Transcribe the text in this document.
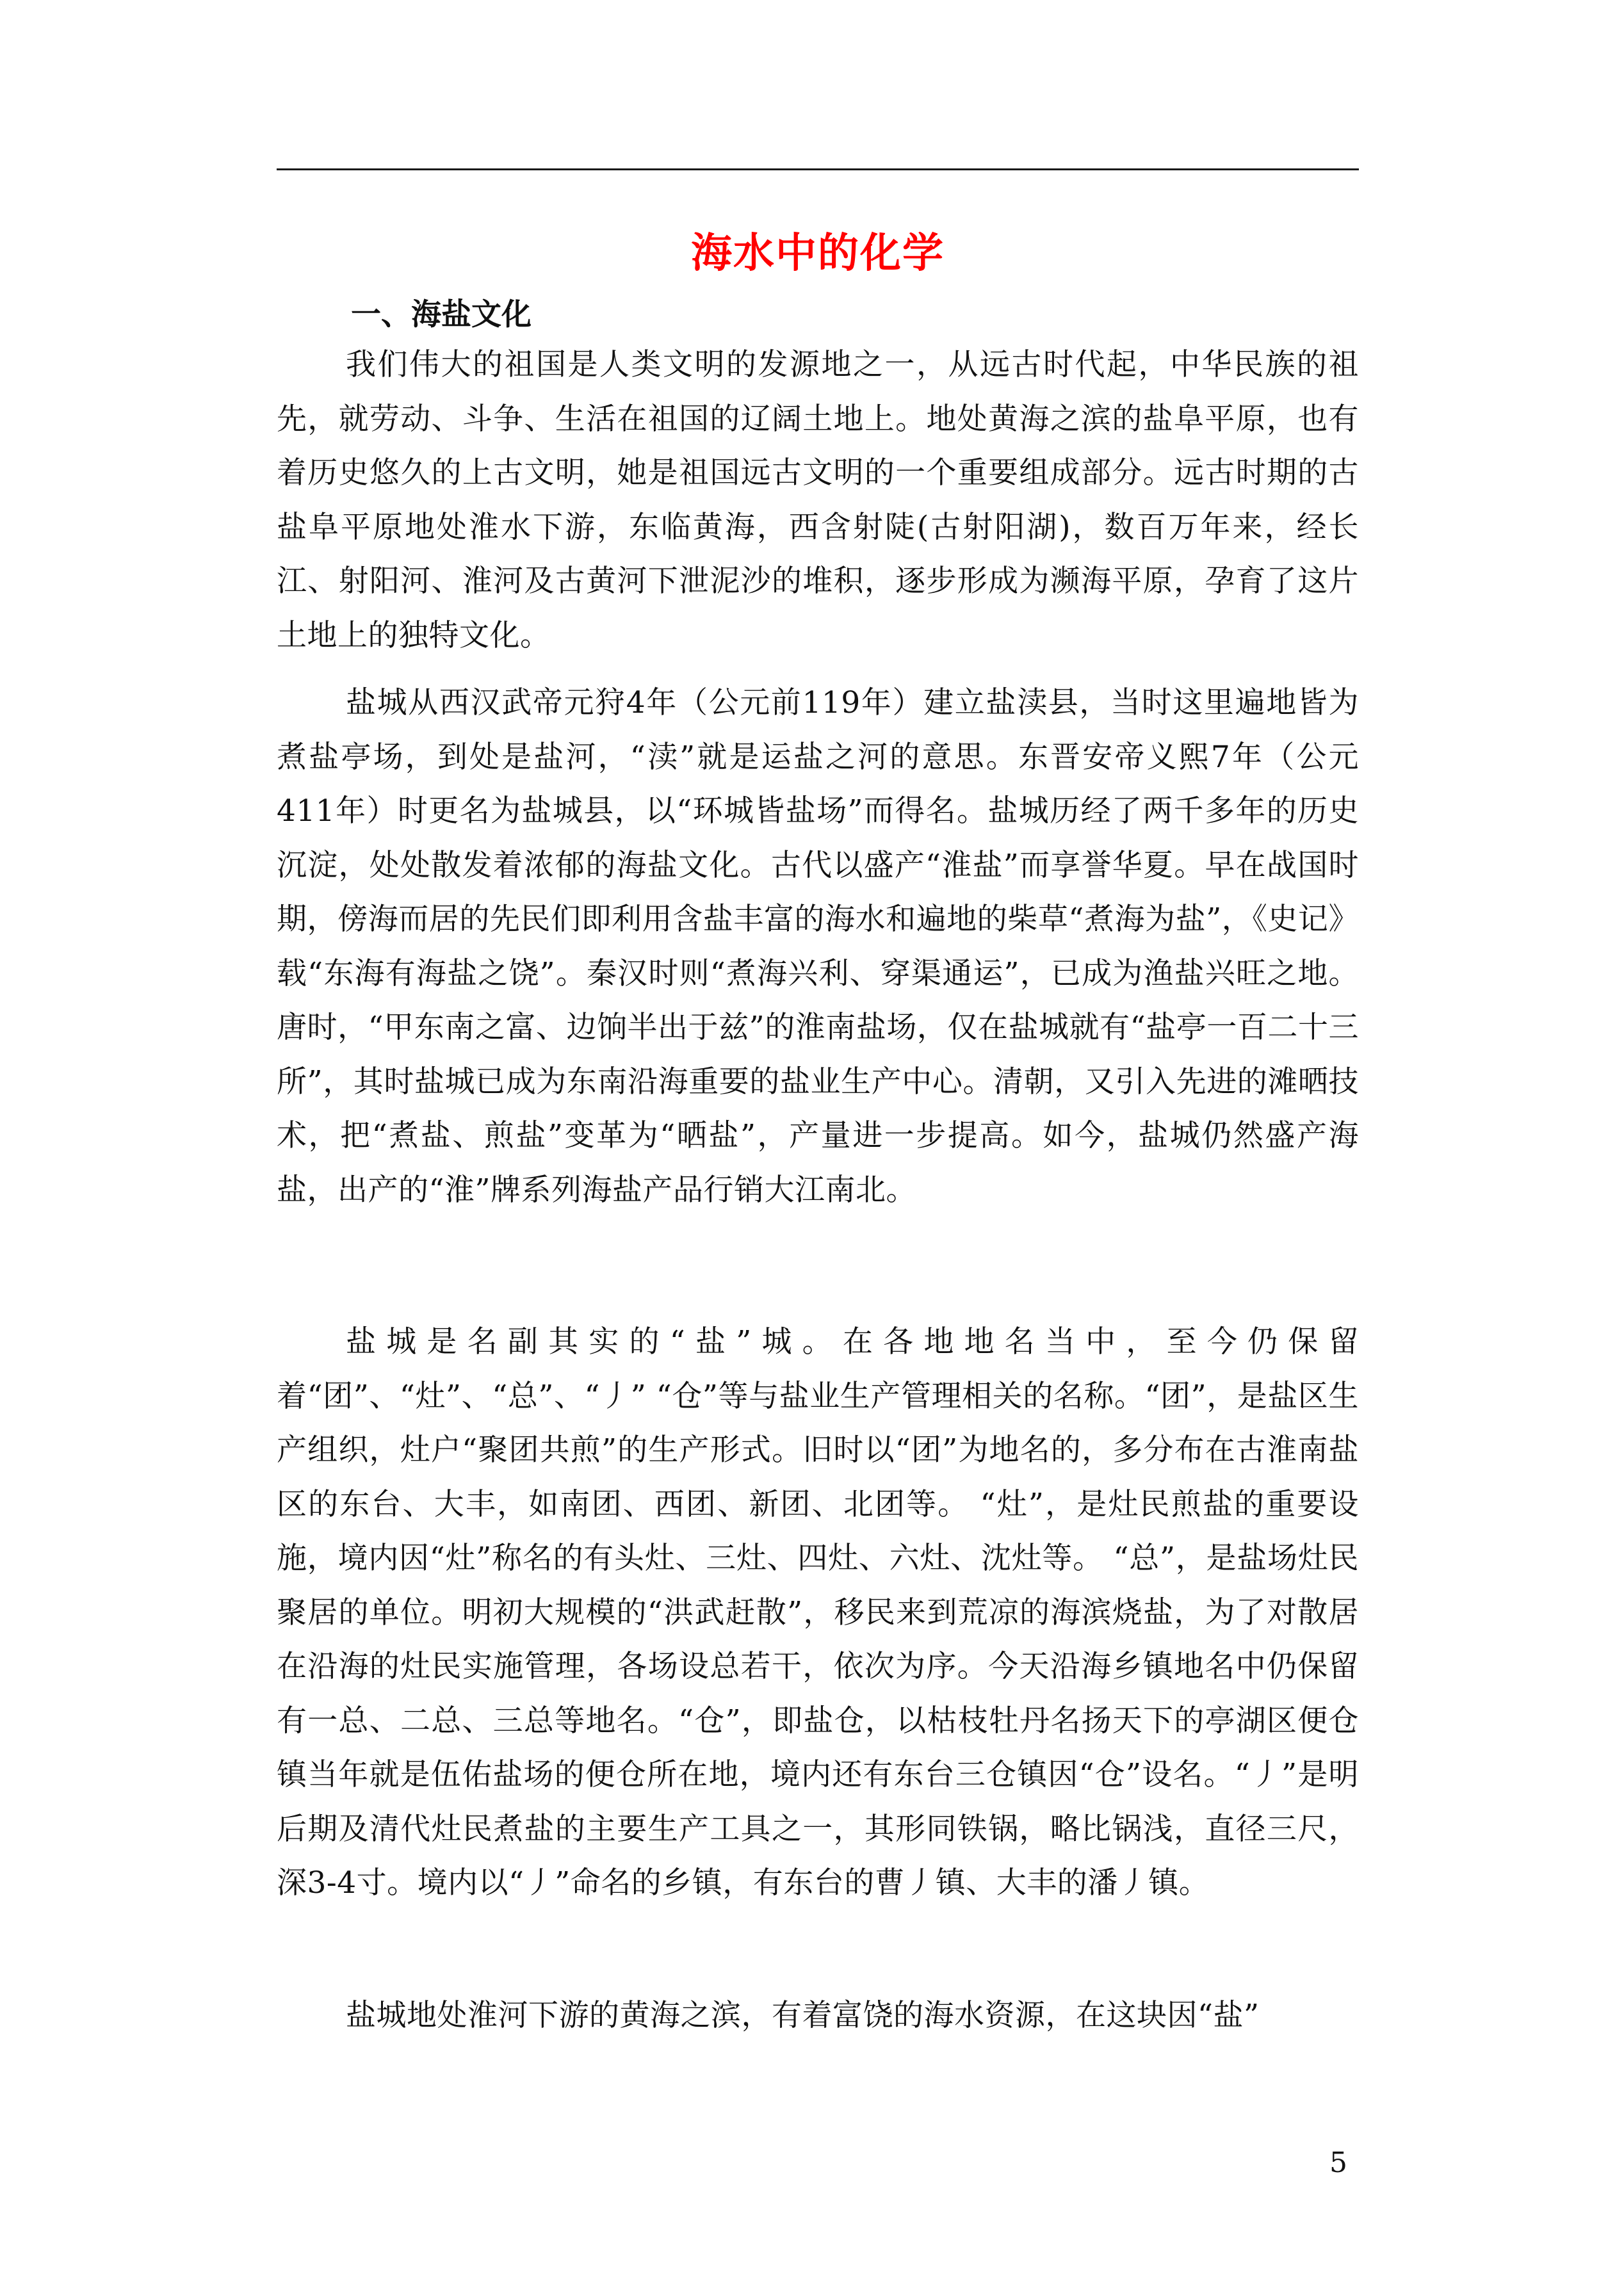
海水中的化学
一、海盐文化

我们伟大的祖国是人类文明的发源地之一，从远古时代起，中华民族的祖先，就劳动、斗争、生活在祖国的辽阔土地上。地处黄海之滨的盐阜平原，也有着历史悠久的上古文明，她是祖国远古文明的一个重要组成部分。远古时期的古盐阜平原地处淮水下游，东临黄海，西含射陡(古射阳湖)，数百万年来，经长江、射阳河、淮河及古黄河下泄泥沙的堆积，逐步形成为濒海平原，孕育了这片土地上的独特文化。

盐城从西汉武帝元狩4年（公元前119年）建立盐渎县，当时这里遍地皆为煮盐亭场，到处是盐河，“渎”就是运盐之河的意思。东晋安帝义熙7年（公元411年）时更名为盐城县，以“环城皆盐场”而得名。盐城历经了两千多年的历史沉淀，处处散发着浓郁的海盐文化。古代以盛产“淮盐”而享誉华夏。早在战国时期，傍海而居的先民们即利用含盐丰富的海水和遍地的柴草“煮海为盐”，《史记》载“东海有海盐之饶”。秦汉时则“煮海兴利、穿渠通运”，已成为渔盐兴旺之地。唐时，“甲东南之富、边饷半出于兹”的淮南盐场，仅在盐城就有“盐亭一百二十三所”，其时盐城已成为东南沿海重要的盐业生产中心。清朝，又引入先进的滩晒技术，把“煮盐、煎盐”变革为“晒盐”，产量进一步提高。如今，盐城仍然盛产海盐，出产的“淮”牌系列海盐产品行销大江南北。

盐城是名副其实的“盐”城。在各地地名当中，至今仍保留着“团”、“灶”、“总”、“丿” “仓”等与盐业生产管理相关的名称。“团”，是盐区生产组织，灶户“聚团共煎”的生产形式。旧时以“团”为地名的，多分布在古淮南盐区的东台、大丰，如南团、西团、新团、北团等。 “灶”，是灶民煎盐的重要设施，境内因“灶”称名的有头灶、三灶、四灶、六灶、沈灶等。 “总”，是盐场灶民聚居的单位。明初大规模的“洪武赶散”，移民来到荒凉的海滨烧盐，为了对散居在沿海的灶民实施管理，各场设总若干，依次为序。今天沿海乡镇地名中仍保留有一总、二总、三总等地名。“仓”，即盐仓，以枯枝牡丹名扬天下的亭湖区便仓镇当年就是伍佑盐场的便仓所在地，境内还有东台三仓镇因“仓”设名。“丿”是明后期及清代灶民煮盐的主要生产工具之一，其形同铁锅，略比锅浅，直径三尺，深3-4寸。境内以“丿”命名的乡镇，有东台的曹丿镇、大丰的潘丿镇。

盐城地处淮河下游的黄海之滨，有着富饶的海水资源，在这块因“盐”

5
